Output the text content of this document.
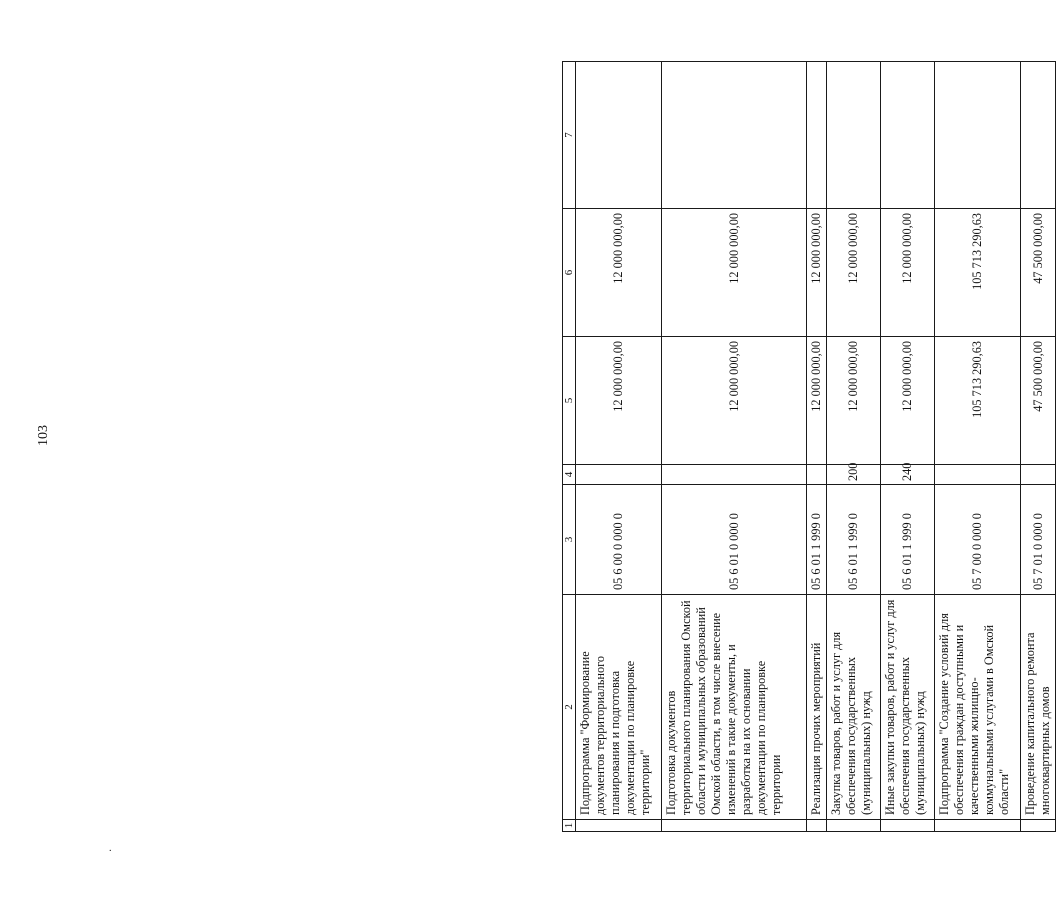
103
.
1	2	3	4	5	6	7
	Подпрограмма "Формирование документов территориального планирования и подготовка документации по планировке территории"	05 6 00 0 000 0		12 000 000,00	12 000 000,00	
	Подготовка документов территориального планирования Омской области и муниципальных образований Омской области, в том числе внесение изменений в такие документы, и разработка на их основании документации по планировке территории	05 6 01 0 000 0		12 000 000,00	12 000 000,00	
	Реализация прочих мероприятий	05 6 01 1 999 0		12 000 000,00	12 000 000,00	
	Закупка товаров, работ и услуг для обеспечения государственных (муниципальных) нужд	05 6 01 1 999 0	200	12 000 000,00	12 000 000,00	
	Иные закупки товаров, работ и услуг для обеспечения государственных (муниципальных) нужд	05 6 01 1 999 0	240	12 000 000,00	12 000 000,00	
	Подпрограмма "Создание условий для обеспечения граждан доступными и качественными жилищно-коммунальными услугами в Омской области"	05 7 00 0 000 0		105 713 290,63	105 713 290,63	
	Проведение капитального ремонта многоквартирных домов	05 7 01 0 000 0		47 500 000,00	47 500 000,00	
